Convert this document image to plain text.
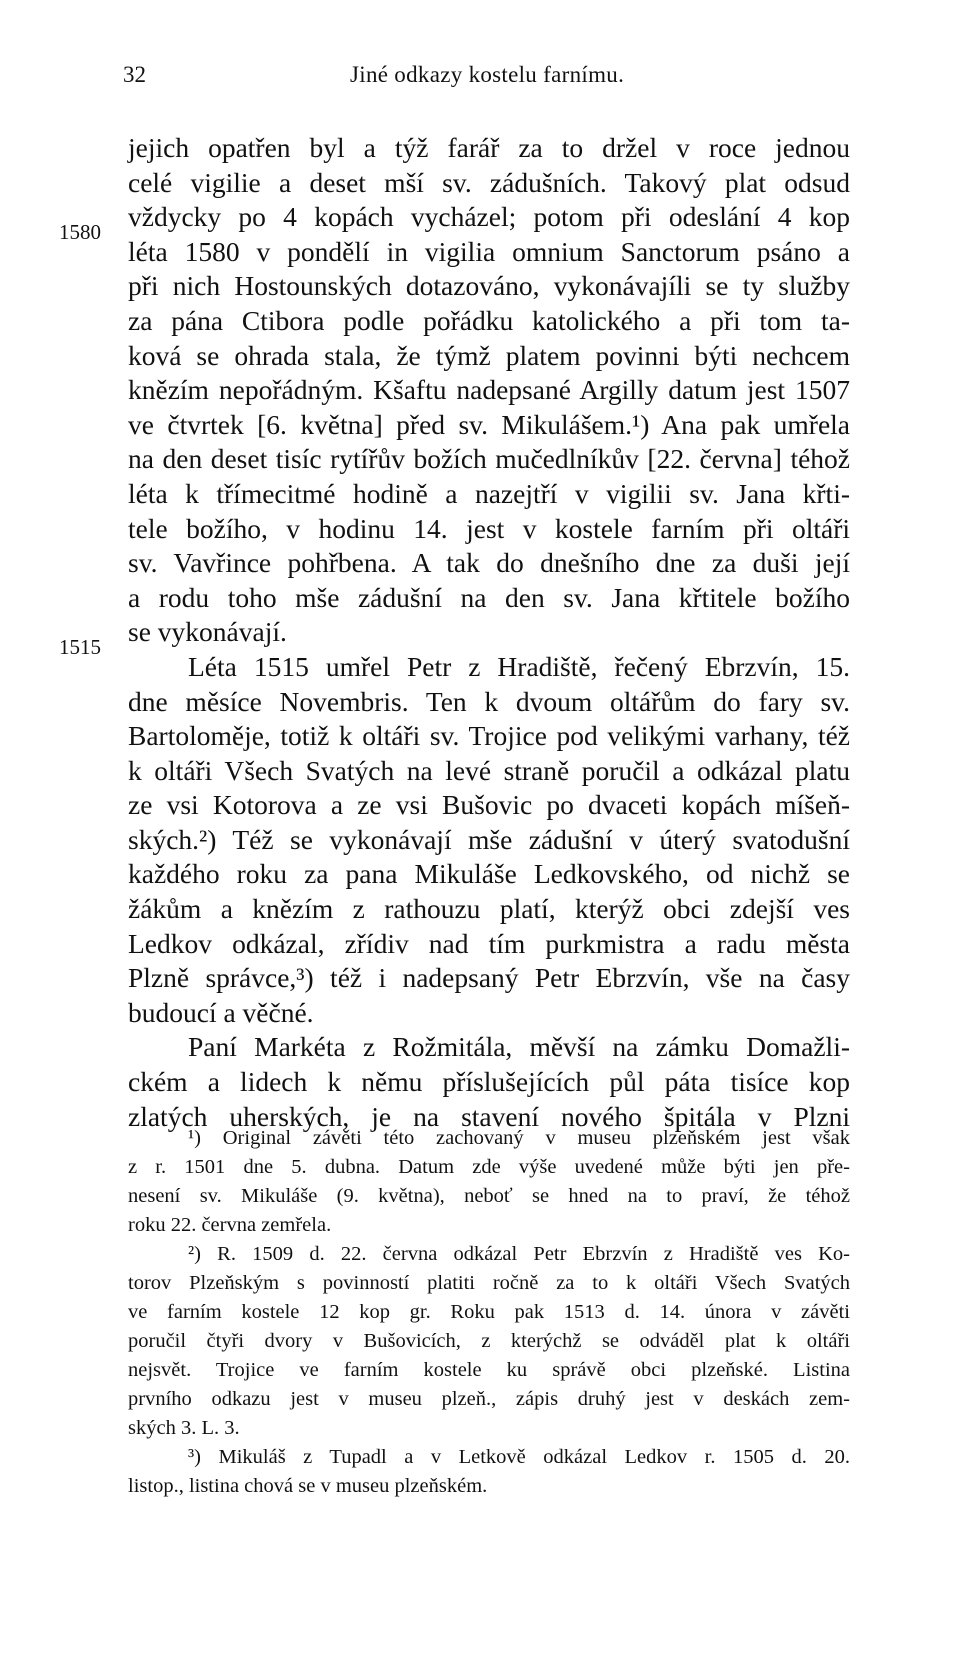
32	Jiné odkazy kostelu farnímu.
1580
1515
jejich opatřen byl a týž farář za to držel v roce jednou
celé vigilie a deset mší sv. zádušních. Takový plat odsud
vždycky po 4 kopách vycházel; potom při odeslání 4 kop
léta 1580 v pondělí in vigilia omnium Sanctorum psáno a
při nich Hostounských dotazováno, vykonávajíli se ty služby
za pána Ctibora podle pořádku katolického a při tom ta-
ková se ohrada stala, že týmž platem povinni býti nechcem
knězím nepořádným. Kšaftu nadepsané Argilly datum jest 1507
ve čtvrtek [6. května] před sv. Mikulášem.¹) Ana pak umřela
na den deset tisíc rytířův božích mučedlníkův [22. června] téhož
léta k třímecitmé hodině a nazejtří v vigilii sv. Jana křti-
tele božího, v hodinu 14. jest v kostele farním při oltáři
sv. Vavřince pohřbena. A tak do dnešního dne za duši její
a rodu toho mše zádušní na den sv. Jana křtitele božího
se vykonávají.
Léta 1515 umřel Petr z Hradiště, řečený Ebrzvín, 15.
dne měsíce Novembris. Ten k dvoum oltářům do fary sv.
Bartoloměje, totiž k oltáři sv. Trojice pod velikými varhany, též
k oltáři Všech Svatých na levé straně poručil a odkázal platu
ze vsi Kotorova a ze vsi Bušovic po dvaceti kopách míšeň-
ských.²) Též se vykonávají mše zádušní v úterý svatodušní
každého roku za pana Mikuláše Ledkovského, od nichž se
žákům a knězím z rathouzu platí, kterýž obci zdejší ves
Ledkov odkázal, zřídiv nad tím purkmistra a radu města
Plzně správce,³) též i nadepsaný Petr Ebrzvín, vše na časy
budoucí a věčné.
Paní Markéta z Rožmitála, měvší na zámku Domažli-
ckém a lidech k němu příslušejících půl páta tisíce kop
zlatých uherských, je na stavení nového špitála v Plzni
¹) Original závěti této zachovaný v museu plzeňském jest však
z r. 1501 dne 5. dubna. Datum zde výše uvedené může býti jen pře-
nesení sv. Mikuláše (9. května), neboť se hned na to praví, že téhož
roku 22. června zemřela.
²) R. 1509 d. 22. června odkázal Petr Ebrzvín z Hradiště ves Ko-
torov Plzeňským s povinností platiti ročně za to k oltáři Všech Svatých
ve farním kostele 12 kop gr. Roku pak 1513 d. 14. února v závěti
poručil čtyři dvory v Bušovicích, z kterýchž se odváděl plat k oltáři
nejsvět. Trojice ve farním kostele ku správě obci plzeňské. Listina
prvního odkazu jest v museu plzeň., zápis druhý jest v deskách zem-
ských 3. L. 3.
³) Mikuláš z Tupadl a v Letkově odkázal Ledkov r. 1505 d. 20.
listop., listina chová se v museu plzeňském.
